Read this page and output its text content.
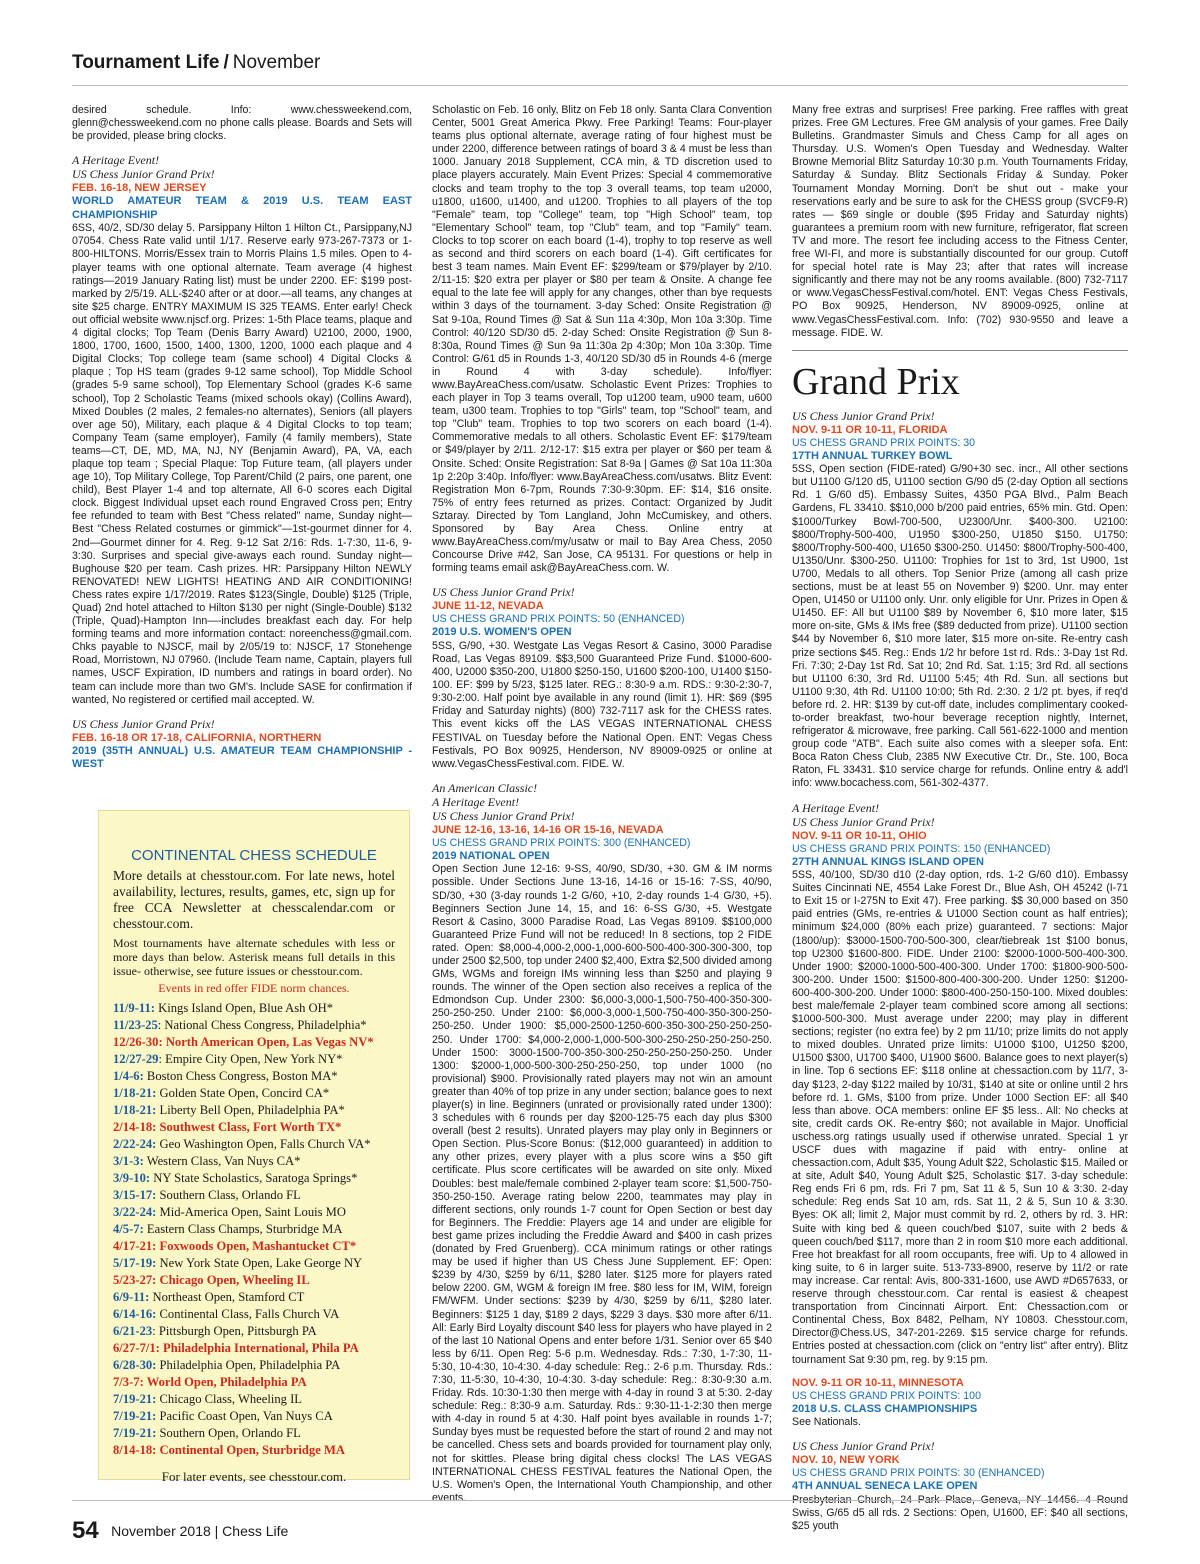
Tournament Life / November
desired schedule. Info: www.chessweekend.com, glenn@chessweekend.com no phone calls please. Boards and Sets will be provided, please bring clocks.
A Heritage Event!
US Chess Junior Grand Prix!
FEB. 16-18, NEW JERSEY
WORLD AMATEUR TEAM & 2019 U.S. TEAM EAST CHAMPIONSHIP
6SS, 40/2, SD/30 delay 5. Parsippany Hilton 1 Hilton Ct., Parsippany,NJ 07054. Chess Rate valid until 1/17. Reserve early 973-267-7373 or 1-800-HILTONS. Morris/Essex train to Morris Plains 1.5 miles. Open to 4-player teams with one optional alternate. Team average (4 highest ratings—2019 January Rating list) must be under 2200. EF: $199 post-marked by 2/5/19. ALL-$240 after or at door.—all teams, any changes at site $25 charge. ENTRY MAXIMUM IS 325 TEAMS. Enter early! Check out official website www.njscf.org. Prizes: 1-5th Place teams, plaque and 4 digital clocks; Top Team (Denis Barry Award) U2100, 2000, 1900, 1800, 1700, 1600, 1500, 1400, 1300, 1200, 1000 each plaque and 4 Digital Clocks; Top college team (same school) 4 Digital Clocks & plaque ; Top HS team (grades 9-12 same school), Top Middle School (grades 5-9 same school), Top Elementary School (grades K-6 same school), Top 2 Scholastic Teams (mixed schools okay) (Collins Award), Mixed Doubles (2 males, 2 females-no alternates), Seniors (all players over age 50), Military, each plaque & 4 Digital Clocks to top team; Company Team (same employer), Family (4 family members), State teams—CT, DE, MD, MA, NJ, NY (Benjamin Award), PA, VA, each plaque top team ; Special Plaque: Top Future team, (all players under age 10), Top Military College, Top Parent/Child (2 pairs, one parent, one child), Best Player 1-4 and top alternate, All 6-0 scores each Digital clock. Biggest Individual upset each round Engraved Cross pen; Entry fee refunded to team with Best "Chess related" name, Sunday night— Best "Chess Related costumes or gimmick"—1st-gourmet dinner for 4. 2nd—Gourmet dinner for 4. Reg. 9-12 Sat 2/16: Rds. 1-7:30, 11-6, 9-3:30. Surprises and special give-aways each round. Sunday night—Bughouse $20 per team. Cash prizes. HR: Parsippany Hilton NEWLY RENOVATED! NEW LIGHTS! HEATING AND AIR CONDITIONING! Chess rates expire 1/17/2019. Rates $123(Single, Double) $125 (Triple, Quad) 2nd hotel attached to Hilton $130 per night (Single-Double) $132 (Triple, Quad)-Hampton Inn—-includes breakfast each day. For help forming teams and more information contact: noreenchess@gmail.com. Chks payable to NJSCF, mail by 2/05/19 to: NJSCF, 17 Stonehenge Road, Morristown, NJ 07960. (Include Team name, Captain, players full names, USCF Expiration, ID numbers and ratings in board order). No team can include more than two GM's. Include SASE for confirmation if wanted, No registered or certified mail accepted. W.
US Chess Junior Grand Prix!
FEB. 16-18 OR 17-18, CALIFORNIA, NORTHERN
2019 (35TH ANNUAL) U.S. AMATEUR TEAM CHAMPIONSHIP - WEST
CONTINENTAL CHESS SCHEDULE
More details at chesstour.com. For late news, hotel availability, lectures, results, games, etc, sign up for free CCA Newsletter at chesscalendar.com or chesstour.com.
Most tournaments have alternate schedules with less or more days than below. Asterisk means full details in this issue- otherwise, see future issues or chesstour.com.
Events in red offer FIDE norm chances.
11/9-11: Kings Island Open, Blue Ash OH*
11/23-25: National Chess Congress, Philadelphia*
12/26-30: North American Open, Las Vegas NV*
12/27-29: Empire City Open, New York NY*
1/4-6: Boston Chess Congress, Boston MA*
1/18-21: Golden State Open, Concird CA*
1/18-21: Liberty Bell Open, Philadelphia PA*
2/14-18: Southwest Class, Fort Worth TX*
2/22-24: Geo Washington Open, Falls Church VA*
3/1-3: Western Class, Van Nuys CA*
3/9-10: NY State Scholastics, Saratoga Springs*
3/15-17: Southern Class, Orlando FL
3/22-24: Mid-America Open, Saint Louis MO
4/5-7: Eastern Class Champs, Sturbridge MA
4/17-21: Foxwoods Open, Mashantucket CT*
5/17-19: New York State Open, Lake George NY
5/23-27: Chicago Open, Wheeling IL
6/9-11: Northeast Open, Stamford CT
6/14-16: Continental Class, Falls Church VA
6/21-23: Pittsburgh Open, Pittsburgh PA
6/27-7/1: Philadelphia International, Phila PA
6/28-30: Philadelphia Open, Philadelphia PA
7/3-7: World Open, Philadelphia PA
7/19-21: Chicago Class, Wheeling IL
7/19-21: Pacific Coast Open, Van Nuys CA
7/19-21: Southern Open, Orlando FL
8/14-18: Continental Open, Sturbridge MA
For later events, see chesstour.com.
Scholastic on Feb. 16 only, Blitz on Feb 18 only. Santa Clara Convention Center, 5001 Great America Pkwy. Free Parking! Teams: Four-player teams plus optional alternate, average rating of four highest must be under 2200, difference between ratings of board 3 & 4 must be less than 1000. January 2018 Supplement, CCA min, & TD discretion used to place players accurately. Main Event Prizes: Special 4 commemorative clocks and team trophy to the top 3 overall teams, top team u2000, u1800, u1600, u1400, and u1200. Trophies to all players of the top "Female" team, top "College" team, top "High School" team, top "Elementary School" team, top "Club" team, and top "Family" team. Clocks to top scorer on each board (1-4), trophy to top reserve as well as second and third scorers on each board (1-4). Gift certificates for best 3 team names. Main Event EF: $299/team or $79/player by 2/10. 2/11-15: $20 extra per player or $80 per team & Onsite. A change fee equal to the late fee will apply for any changes, other than bye requests within 3 days of the tournament. 3-day Sched: Onsite Registration @ Sat 9-10a, Round Times @ Sat & Sun 11a 4:30p, Mon 10a 3:30p. Time Control: 40/120 SD/30 d5. 2-day Sched: Onsite Registration @ Sun 8-8:30a, Round Times @ Sun 9a 11:30a 2p 4:30p; Mon 10a 3:30p. Time Control: G/61 d5 in Rounds 1-3, 40/120 SD/30 d5 in Rounds 4-6 (merge in Round 4 with 3-day schedule). Info/flyer: www.BayAreaChess.com/usatw. Scholastic Event Prizes: Trophies to each player in Top 3 teams overall, Top u1200 team, u900 team, u600 team, u300 team. Trophies to top "Girls" team, top "School" team, and top "Club" team. Trophies to top two scorers on each board (1-4). Commemorative medals to all others. Scholastic Event EF: $179/team or $49/player by 2/11. 2/12-17: $15 extra per player or $60 per team & Onsite. Sched: Onsite Registration: Sat 8-9a | Games @ Sat 10a 11:30a 1p 2:20p 3:40p. Info/flyer: www.BayAreaChess.com/usatws. Blitz Event: Registration Mon 6-7pm, Rounds 7:30-9:30pm. EF: $14, $16 onsite. 75% of entry fees returned as prizes. Contact: Organized by Judit Sztaray. Directed by Tom Langland, John McCumiskey, and others. Sponsored by Bay Area Chess. Online entry at www.BayAreaChess.com/my/usatw or mail to Bay Area Chess, 2050 Concourse Drive #42, San Jose, CA 95131. For questions or help in forming teams email ask@BayAreaChess.com. W.
US Chess Junior Grand Prix!
JUNE 11-12, NEVADA
US CHESS GRAND PRIX POINTS: 50 (ENHANCED)
2019 U.S. WOMEN'S OPEN
5SS, G/90, +30. Westgate Las Vegas Resort & Casino, 3000 Paradise Road, Las Vegas 89109. $$3,500 Guaranteed Prize Fund. $1000-600-400, U2000 $350-200, U1800 $250-150, U1600 $200-100, U1400 $150-100. EF: $99 by 5/23, $125 later. REG.: 8:30-9 a.m. RDS.: 9:30-2:30-7, 9:30-2:00. Half point bye available in any round (limit 1). HR: $69 ($95 Friday and Saturday nights) (800) 732-7117 ask for the CHESS rates. This event kicks off the LAS VEGAS INTERNATIONAL CHESS FESTIVAL on Tuesday before the National Open. ENT: Vegas Chess Festivals, PO Box 90925, Henderson, NV 89009-0925 or online at www.VegasChessFestival.com. FIDE. W.
An American Classic!
A Heritage Event!
US Chess Junior Grand Prix!
JUNE 12-16, 13-16, 14-16 OR 15-16, NEVADA
US CHESS GRAND PRIX POINTS: 300 (ENHANCED)
2019 NATIONAL OPEN
Open Section June 12-16: 9-SS, 40/90, SD/30, +30. GM & IM norms possible. Under Sections June 13-16, 14-16 or 15-16: 7-SS, 40/90, SD/30, +30 (3-day rounds 1-2 G/60, +10, 2-day rounds 1-4 G/30, +5). Beginners Section June 14, 15, and 16: 6-SS G/30, +5. Westgate Resort & Casino, 3000 Paradise Road, Las Vegas 89109. $$100,000 Guaranteed Prize Fund will not be reduced! In 8 sections, top 2 FIDE rated. Open: $8,000-4,000-2,000-1,000-600-500-400-300-300-300, top under 2500 $2,500, top under 2400 $2,400, Extra $2,500 divided among GMs, WGMs and foreign IMs winning less than $250 and playing 9 rounds. The winner of the Open section also receives a replica of the Edmondson Cup. Under 2300: $6,000-3,000-1,500-750-400-350-300-250-250-250. Under 2100: $6,000-3,000-1,500-750-400-350-300-250-250-250. Under 1900: $5,000-2500-1250-600-350-300-250-250-250-250. Under 1700: $4,000-2,000-1,000-500-300-250-250-250-250-250. Under 1500: 3000-1500-700-350-300-250-250-250-250-250. Under 1300: $2000-1,000-500-300-250-250-250, top under 1000 (no provisional) $900. Provisionally rated players may not win an amount greater than 40% of top prize in any under section; balance goes to next player(s) in line. Beginners (unrated or provisionally rated under 1300): 3 schedules with 6 rounds per day $200-125-75 each day plus $300 overall (best 2 results). Unrated players may play only in Beginners or Open Section. Plus-Score Bonus: ($12,000 guaranteed) in addition to any other prizes, every player with a plus score wins a $50 gift certificate. Plus score certificates will be awarded on site only. Mixed Doubles: best male/female combined 2-player team score: $1,500-750-350-250-150. Average rating below 2200, teammates may play in different sections, only rounds 1-7 count for Open Section or best day for Beginners. The Freddie: Players age 14 and under are eligible for best game prizes including the Freddie Award and $400 in cash prizes (donated by Fred Gruenberg). CCA minimum ratings or other ratings may be used if higher than US Chess June Supplement. EF: Open: $239 by 4/30, $259 by 6/11, $280 later. $125 more for players rated below 2200. GM, WGM & foreign IM free. $80 less for IM, WIM, foreign FM/WFM. Under sections: $239 by 4/30, $259 by 6/11, $280 later. Beginners: $125 1 day, $189 2 days, $229 3 days. $30 more after 6/11. All: Early Bird Loyalty discount $40 less for players who have played in 2 of the last 10 National Opens and enter before 1/31. Senior over 65 $40 less by 6/11. Open Reg: 5-6 p.m. Wednesday. Rds.: 7:30, 1-7:30, 11-5:30, 10-4:30, 10-4:30. 4-day schedule: Reg.: 2-6 p.m. Thursday. Rds.: 7:30, 11-5:30, 10-4:30, 10-4:30. 3-day schedule: Reg.: 8:30-9:30 a.m. Friday. Rds. 10:30-1:30 then merge with 4-day in round 3 at 5:30. 2-day schedule: Reg.: 8:30-9 a.m. Saturday. Rds.: 9:30-11-1-2:30 then merge with 4-day in round 5 at 4:30. Half point byes available in rounds 1-7; Sunday byes must be requested before the start of round 2 and may not be cancelled. Chess sets and boards provided for tournament play only, not for skittles. Please bring digital chess clocks! The LAS VEGAS INTERNATIONAL CHESS FESTIVAL features the National Open, the U.S. Women's Open, the International Youth Championship, and other events.
Many free extras and surprises! Free parking. Free raffles with great prizes. Free GM Lectures. Free GM analysis of your games. Free Daily Bulletins. Grandmaster Simuls and Chess Camp for all ages on Thursday. U.S. Women's Open Tuesday and Wednesday. Walter Browne Memorial Blitz Saturday 10:30 p.m. Youth Tournaments Friday, Saturday & Sunday. Blitz Sectionals Friday & Sunday. Poker Tournament Monday Morning. Don't be shut out - make your reservations early and be sure to ask for the CHESS group (SVCF9-R) rates — $69 single or double ($95 Friday and Saturday nights) guarantees a premium room with new furniture, refrigerator, flat screen TV and more. The resort fee including access to the Fitness Center, free WI-FI, and more is substantially discounted for our group. Cutoff for special hotel rate is May 23; after that rates will increase significantly and there may not be any rooms available. (800) 732-7117 or www.VegasChessFestival.com/hotel. ENT: Vegas Chess Festivals, PO Box 90925, Henderson, NV 89009-0925, online at www.VegasChessFestival.com. Info: (702) 930-9550 and leave a message. FIDE. W.
Grand Prix
US Chess Junior Grand Prix!
NOV. 9-11 OR 10-11, FLORIDA
US CHESS GRAND PRIX POINTS: 30
17TH ANNUAL TURKEY BOWL
5SS, Open section (FIDE-rated) G/90+30 sec. incr., All other sections but U1100 G/120 d5, U1100 section G/90 d5 (2-day Option all sections Rd. 1 G/60 d5). Embassy Suites, 4350 PGA Blvd., Palm Beach Gardens, FL 33410. $$10,000 b/200 paid entries, 65% min. Gtd. Open: $1000/Turkey Bowl-700-500, U2300/Unr. $400-300. U2100: $800/Trophy-500-400, U1950 $300-250, U1850 $150. U1750: $800/Trophy-500-400, U1650 $300-250. U1450: $800/Trophy-500-400, U1350/Unr. $300-250. U1100: Trophies for 1st to 3rd, 1st U900, 1st U700, Medals to all others. Top Senior Prize (among all cash prize sections, must be at least 55 on November 9) $200. Unr. may enter Open, U1450 or U1100 only. Unr. only eligible for Unr. Prizes in Open & U1450. EF: All but U1100 $89 by November 6, $10 more later, $15 more on-site, GMs & IMs free ($89 deducted from prize). U1100 section $44 by November 6, $10 more later, $15 more on-site. Re-entry cash prize sections $45. Reg.: Ends 1/2 hr before 1st rd. Rds.: 3-Day 1st Rd. Fri. 7:30; 2-Day 1st Rd. Sat 10; 2nd Rd. Sat. 1:15; 3rd Rd. all sections but U1100 6:30, 3rd Rd. U1100 5:45; 4th Rd. Sun. all sections but U1100 9:30, 4th Rd. U1100 10:00; 5th Rd. 2:30. 2 1/2 pt. byes, if req'd before rd. 2. HR: $139 by cut-off date, includes complimentary cooked-to-order breakfast, two-hour beverage reception nightly, Internet, refrigerator & microwave, free parking. Call 561-622-1000 and mention group code "ATB". Each suite also comes with a sleeper sofa. Ent: Boca Raton Chess Club, 2385 NW Executive Ctr. Dr., Ste. 100, Boca Raton, FL 33431. $10 service charge for refunds. Online entry & add'l info: www.bocachess.com, 561-302-4377.
A Heritage Event!
US Chess Junior Grand Prix!
NOV. 9-11 OR 10-11, OHIO
US CHESS GRAND PRIX POINTS: 150 (ENHANCED)
27TH ANNUAL KINGS ISLAND OPEN
5SS, 40/100, SD/30 d10 (2-day option, rds. 1-2 G/60 d10). Embassy Suites Cincinnati NE, 4554 Lake Forest Dr., Blue Ash, OH 45242 (I-71 to Exit 15 or I-275N to Exit 47). Free parking. $$ 30,000 based on 350 paid entries (GMs, re-entries & U1000 Section count as half entries); minimum $24,000 (80% each prize) guaranteed. 7 sections: Major (1800/up): $3000-1500-700-500-300, clear/tiebreak 1st $100 bonus, top U2300 $1600-800. FIDE. Under 2100: $2000-1000-500-400-300. Under 1900: $2000-1000-500-400-300. Under 1700: $1800-900-500-300-200. Under 1500: $1500-800-400-300-200. Under 1250: $1200-600-400-300-200. Under 1000: $800-400-250-150-100. Mixed doubles: best male/female 2-player team combined score among all sections: $1000-500-300. Must average under 2200; may play in different sections; register (no extra fee) by 2 pm 11/10; prize limits do not apply to mixed doubles. Unrated prize limits: U1000 $100, U1250 $200, U1500 $300, U1700 $400, U1900 $600. Balance goes to next player(s) in line. Top 6 sections EF: $118 online at chessaction.com by 11/7, 3-day $123, 2-day $122 mailed by 10/31, $140 at site or online until 2 hrs before rd. 1. GMs, $100 from prize. Under 1000 Section EF: all $40 less than above. OCA members: online EF $5 less.. All: No checks at site, credit cards OK. Re-entry $60; not available in Major. Unofficial uschess.org ratings usually used if otherwise unrated. Special 1 yr USCF dues with magazine if paid with entry- online at chessaction.com, Adult $35, Young Adult $22, Scholastic $15. Mailed or at site, Adult $40, Young Adult $25, Scholastic $17. 3-day schedule: Reg ends Fri 6 pm, rds. Fri 7 pm, Sat 11 & 5, Sun 10 & 3:30. 2-day schedule: Reg ends Sat 10 am, rds. Sat 11, 2 & 5, Sun 10 & 3:30. Byes: OK all; limit 2, Major must commit by rd. 2, others by rd. 3. HR: Suite with king bed & queen couch/bed $107, suite with 2 beds & queen couch/bed $117, more than 2 in room $10 more each additional. Free hot breakfast for all room occupants, free wifi. Up to 4 allowed in king suite, to 6 in larger suite. 513-733-8900, reserve by 11/2 or rate may increase. Car rental: Avis, 800-331-1600, use AWD #D657633, or reserve through chesstour.com. Car rental is easiest & cheapest transportation from Cincinnati Airport. Ent: Chessaction.com or Continental Chess, Box 8482, Pelham, NY 10803. Chesstour.com, Director@Chess.US, 347-201-2269. $15 service charge for refunds. Entries posted at chessaction.com (click on "entry list" after entry). Blitz tournament Sat 9:30 pm, reg. by 9:15 pm.
NOV. 9-11 OR 10-11, MINNESOTA
US CHESS GRAND PRIX POINTS: 100
2018 U.S. CLASS CHAMPIONSHIPS
See Nationals.
US Chess Junior Grand Prix!
NOV. 10, NEW YORK
US CHESS GRAND PRIX POINTS: 30 (ENHANCED)
4TH ANNUAL SENECA LAKE OPEN
Presbyterian Church, 24 Park Place, Geneva, NY 14456. 4 Round Swiss, G/65 d5 all rds. 2 Sections: Open, U1600, EF: $40 all sections, $25 youth
54 November 2018 | Chess Life
